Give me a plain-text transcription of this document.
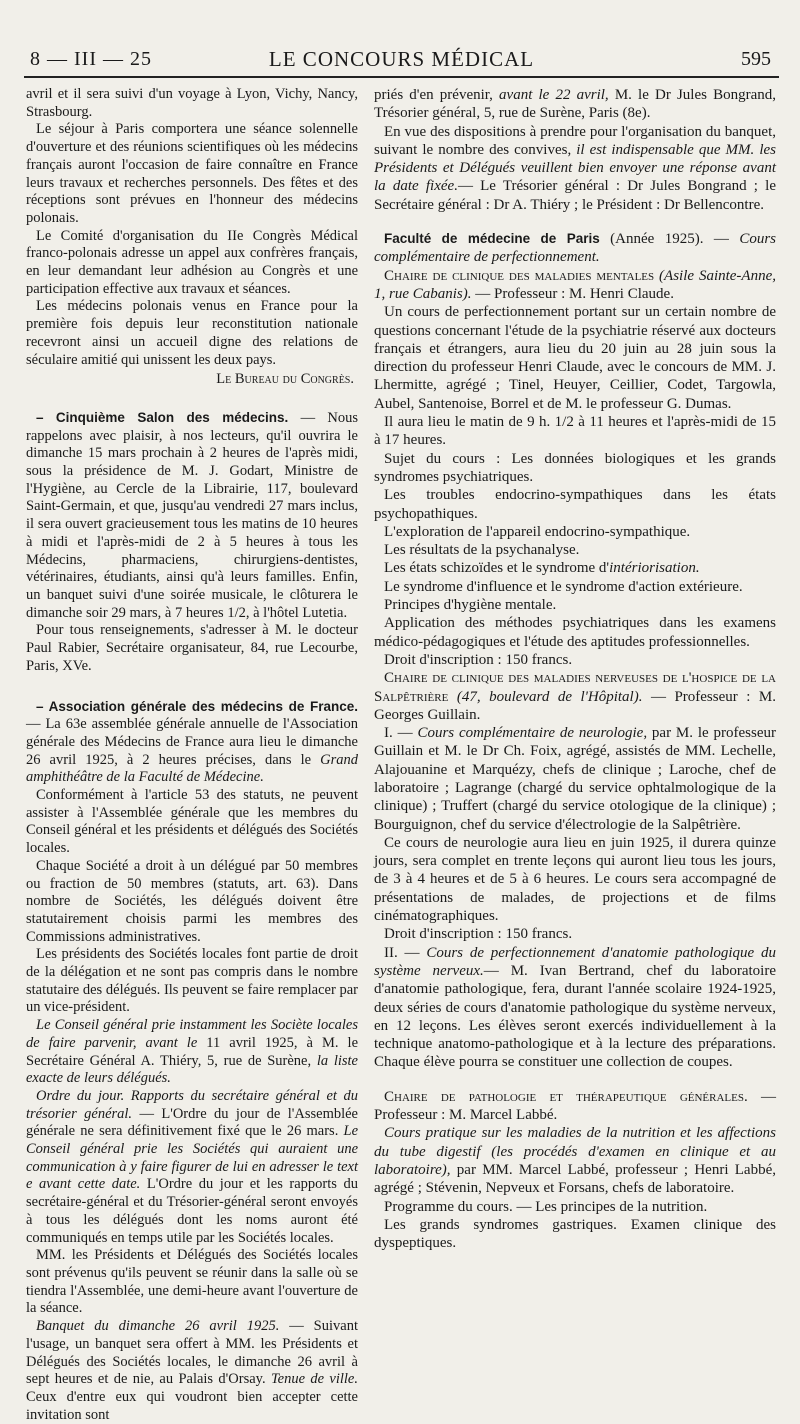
8 — III — 25	LE CONCOURS MÉDICAL	595

avril et il sera suivi d'un voyage à Lyon, Vichy, Nancy, Strasbourg.

Le séjour à Paris comportera une séance solennelle d'ouverture et des réunions scientifiques où les médecins français auront l'occasion de faire connaître en France leurs travaux et recherches personnels. Des fêtes et des réceptions sont prévues en l'honneur des médecins polonais.

Le Comité d'organisation du IIe Congrès Médical franco-polonais adresse un appel aux confrères français, en leur demandant leur adhésion au Congrès et une participation effective aux travaux et séances.

Les médecins polonais venus en France pour la première fois depuis leur reconstitution nationale recevront ainsi un accueil digne des relations de séculaire amitié qui unissent les deux pays.

Le Bureau du Congrès.

– Cinquième Salon des médecins. — Nous rappelons avec plaisir, à nos lecteurs, qu'il ouvrira le dimanche 15 mars prochain à 2 heures de l'après midi, sous la présidence de M. J. Godart, Ministre de l'Hygiène, au Cercle de la Librairie, 117, boulevard Saint-Germain, et que, jusqu'au vendredi 27 mars inclus, il sera ouvert gracieusement tous les matins de 10 heures à midi et l'après-midi de 2 à 5 heures à tous les Médecins, pharmaciens, chirurgiens-dentistes, vétérinaires, étudiants, ainsi qu'à leurs familles. Enfin, un banquet suivi d'une soirée musicale, le clôturera le dimanche soir 29 mars, à 7 heures 1/2, à l'hôtel Lutetia.

Pour tous renseignements, s'adresser à M. le docteur Paul Rabier, Secrétaire organisateur, 84, rue Lecourbe, Paris, XVe.

– Association générale des médecins de France. — La 63e assemblée générale annuelle de l'Association générale des Médecins de France aura lieu le dimanche 26 avril 1925, à 2 heures précises, dans le Grand amphithéâtre de la Faculté de Médecine.

Conformément à l'article 53 des statuts, ne peuvent assister à l'Assemblée générale que les membres du Conseil général et les présidents et délégués des Sociétés locales.

Chaque Société a droit à un délégué par 50 membres ou fraction de 50 membres (statuts, art. 63). Dans nombre de Sociétés, les délégués doivent être statutairement choisis parmi les membres des Commissions administratives.

Les présidents des Sociétés locales font partie de droit de la délégation et ne sont pas compris dans le nombre statutaire des délégués. Ils peuvent se faire remplacer par un vice-président.

Le Conseil général prie instamment les Sociète locales de faire parvenir, avant le 11 avril 1925, à M. le Secrétaire Général A. Thiéry, 5, rue de Surène, la liste exacte de leurs délégués.

Ordre du jour. Rapports du secrétaire général et du trésorier général. — L'Ordre du jour de l'Assemblée générale ne sera définitivement fixé que le 26 mars. Le Conseil général prie les Sociétés qui auraient une communication à y faire figurer de lui en adresser le text e avant cette date. L'Ordre du jour et les rapports du secrétaire-général et du Trésorier-général seront envoyés à tous les délégués dont les noms auront été communiqués en temps utile par les Sociétés locales.

MM. les Présidents et Délégués des Sociétés locales sont prévenus qu'ils peuvent se réunir dans la salle où se tiendra l'Assemblée, une demi-heure avant l'ouverture de la séance.

Banquet du dimanche 26 avril 1925. — Suivant l'usage, un banquet sera offert à MM. les Présidents et Délégués des Sociétés locales, le dimanche 26 avril à sept heures et de nie, au Palais d'Orsay. Tenue de ville. Ceux d'entre eux qui voudront bien accepter cette invitation sont

priés d'en prévenir, avant le 22 avril, M. le Dr Jules Bongrand, Trésorier général, 5, rue de Surène, Paris (8e).

En vue des dispositions à prendre pour l'organisation du banquet, suivant le nombre des convives, il est indispensable que MM. les Présidents et Délégués veuillent bien envoyer une réponse avant la date fixée.— Le Trésorier général : Dr Jules Bongrand ; le Secrétaire général : Dr A. Thiéry ; le Président : Dr Bellencontre.

Faculté de médecine de Paris (Année 1925). — Cours complémentaire de perfectionnement.

Chaire de clinique des maladies mentales (Asile Sainte-Anne, 1, rue Cabanis). — Professeur : M. Henri Claude.

Un cours de perfectionnement portant sur un certain nombre de questions concernant l'étude de la psychiatrie réservé aux docteurs français et étrangers, aura lieu du 20 juin au 28 juin sous la direction du professeur Henri Claude, avec le concours de MM. J. Lhermitte, agrégé ; Tinel, Heuyer, Ceillier, Codet, Targowla, Aubel, Santenoise, Borrel et de M. le professeur G. Dumas.

Il aura lieu le matin de 9 h. 1/2 à 11 heures et l'après-midi de 15 à 17 heures.

Sujet du cours : Les données biologiques et les grands syndromes psychiatriques.

Les troubles endocrino-sympathiques dans les états psychopathiques.

L'exploration de l'appareil endocrino-sympathique.

Les résultats de la psychanalyse.

Les états schizoïdes et le syndrome d'intériorisation.

Le syndrome d'influence et le syndrome d'action extérieure.

Principes d'hygiène mentale.

Application des méthodes psychiatriques dans les examens médico-pédagogiques et l'étude des aptitudes professionnelles.

Droit d'inscription : 150 francs.

Chaire de clinique des maladies nerveuses de l'hospice de la Salpêtrière (47, boulevard de l'Hôpital). — Professeur : M. Georges Guillain.

I. — Cours complémentaire de neurologie, par M. le professeur Guillain et M. le Dr Ch. Foix, agrégé, assistés de MM. Lechelle, Alajouanine et Marquézy, chefs de clinique ; Laroche, chef de laboratoire ; Lagrange (chargé du service ophtalmologique de la clinique) ; Truffert (chargé du service otologique de la clinique) ; Bourguignon, chef du service d'électrologie de la Salpêtrière.

Ce cours de neurologie aura lieu en juin 1925, il durera quinze jours, sera complet en trente leçons qui auront lieu tous les jours, de 3 à 4 heures et de 5 à 6 heures. Le cours sera accompagné de présentations de malades, de projections et de films cinématographiques.

Droit d'inscription : 150 francs.

II. — Cours de perfectionnement d'anatomie pathologique du système nerveux.— M. Ivan Bertrand, chef du laboratoire d'anatomie pathologique, fera, durant l'année scolaire 1924-1925, deux séries de cours d'anatomie pathologique du système nerveux, en 12 leçons. Les élèves seront exercés individuellement à la technique anatomo-pathologique et à la lecture des préparations. Chaque élève pourra se constituer une collection de coupes.

Chaire de pathologie et thérapeutique générales. — Professeur : M. Marcel Labbé.

Cours pratique sur les maladies de la nutrition et les affections du tube digestif (les procédés d'examen en clinique et au laboratoire), par MM. Marcel Labbé, professeur ; Henri Labbé, agrégé ; Stévenin, Nepveux et Forsans, chefs de laboratoire.

Programme du cours. — Les principes de la nutrition.

Les grands syndromes gastriques. Examen clinique des dyspeptiques.
